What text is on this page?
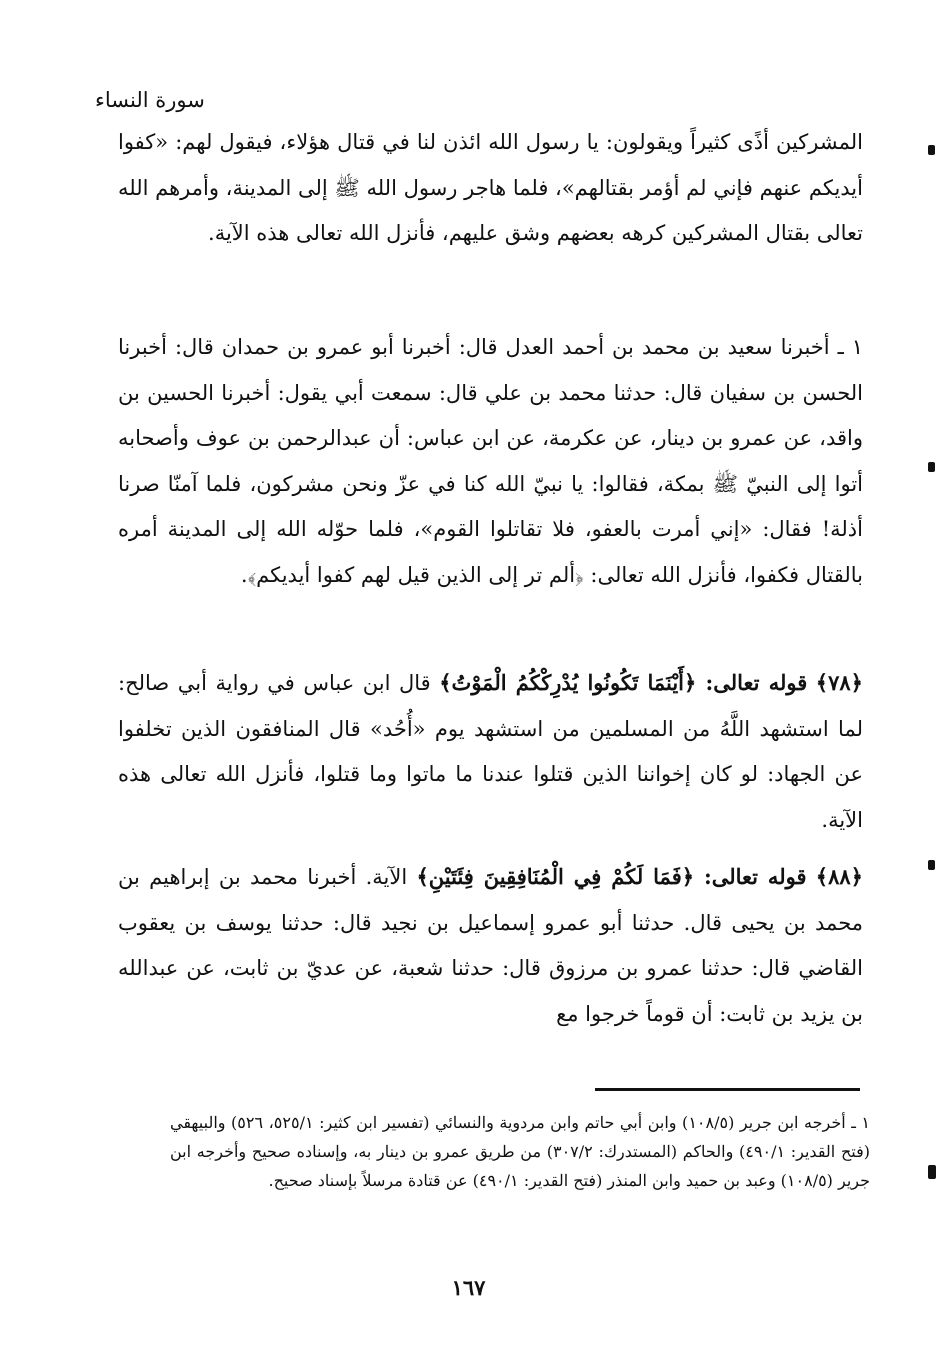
سورة النساء

المشركين أذًى كثيراً ويقولون: يا رسول الله ائذن لنا في قتال هؤلاء، فيقول لهم: «كفوا أيديكم عنهم فإني لم أؤمر بقتالهم»، فلما هاجر رسول الله ﷺ إلى المدينة، وأمرهم الله تعالى بقتال المشركين كرهه بعضهم وشق عليهم، فأنزل الله تعالى هذه الآية.

١ ـ أخبرنا سعيد بن محمد بن أحمد العدل قال: أخبرنا أبو عمرو بن حمدان قال: أخبرنا الحسن بن سفيان قال: حدثنا محمد بن علي قال: سمعت أبي يقول: أخبرنا الحسين بن واقد، عن عمرو بن دينار، عن عكرمة، عن ابن عباس: أن عبدالرحمن بن عوف وأصحابه أتوا إلى النبيّ ﷺ بمكة، فقالوا: يا نبيّ الله كنا في عزّ ونحن مشركون، فلما آمنّا صرنا أذلة! فقال: «إني أمرت بالعفو، فلا تقاتلوا القوم»، فلما حوّله الله إلى المدينة أمره بالقتال فكفوا، فأنزل الله تعالى: ﴿ألم تر إلى الذين قيل لهم كفوا أيديكم﴾.

﴿٧٨﴾ قوله تعالى: ﴿أَيْنَمَا تَكُونُوا يُدْرِكْكُمُ الْمَوْتُ﴾ قال ابن عباس في رواية أبي صالح: لما استشهد اللَّهُ من المسلمين من استشهد يوم «أُحُد» قال المنافقون الذين تخلفوا عن الجهاد: لو كان إخواننا الذين قتلوا عندنا ما ماتوا وما قتلوا، فأنزل الله تعالى هذه الآية.

﴿٨٨﴾ قوله تعالى: ﴿فَمَا لَكُمْ فِي الْمُنَافِقِينَ فِئَتَيْنِ﴾ الآية. أخبرنا محمد بن إبراهيم بن محمد بن يحيى قال. حدثنا أبو عمرو إسماعيل بن نجيد قال: حدثنا يوسف بن يعقوب القاضي قال: حدثنا عمرو بن مرزوق قال: حدثنا شعبة، عن عديّ بن ثابت، عن عبدالله بن يزيد بن ثابت: أن قوماً خرجوا مع

١ ـ أخرجه ابن جرير (١٠٨/٥) وابن أبي حاتم وابن مردوية والنسائي (تفسير ابن كثير: ٥٢٥/١، ٥٢٦) والبيهقي (فتح القدير: ٤٩٠/١) والحاكم (المستدرك: ٣٠٧/٢) من طريق عمرو بن دينار به، وإسناده صحيح وأخرجه ابن جرير (١٠٨/٥) وعبد بن حميد وابن المنذر (فتح القدير: ٤٩٠/١) عن قتادة مرسلاً بإسناد صحيح.

١٦٧
